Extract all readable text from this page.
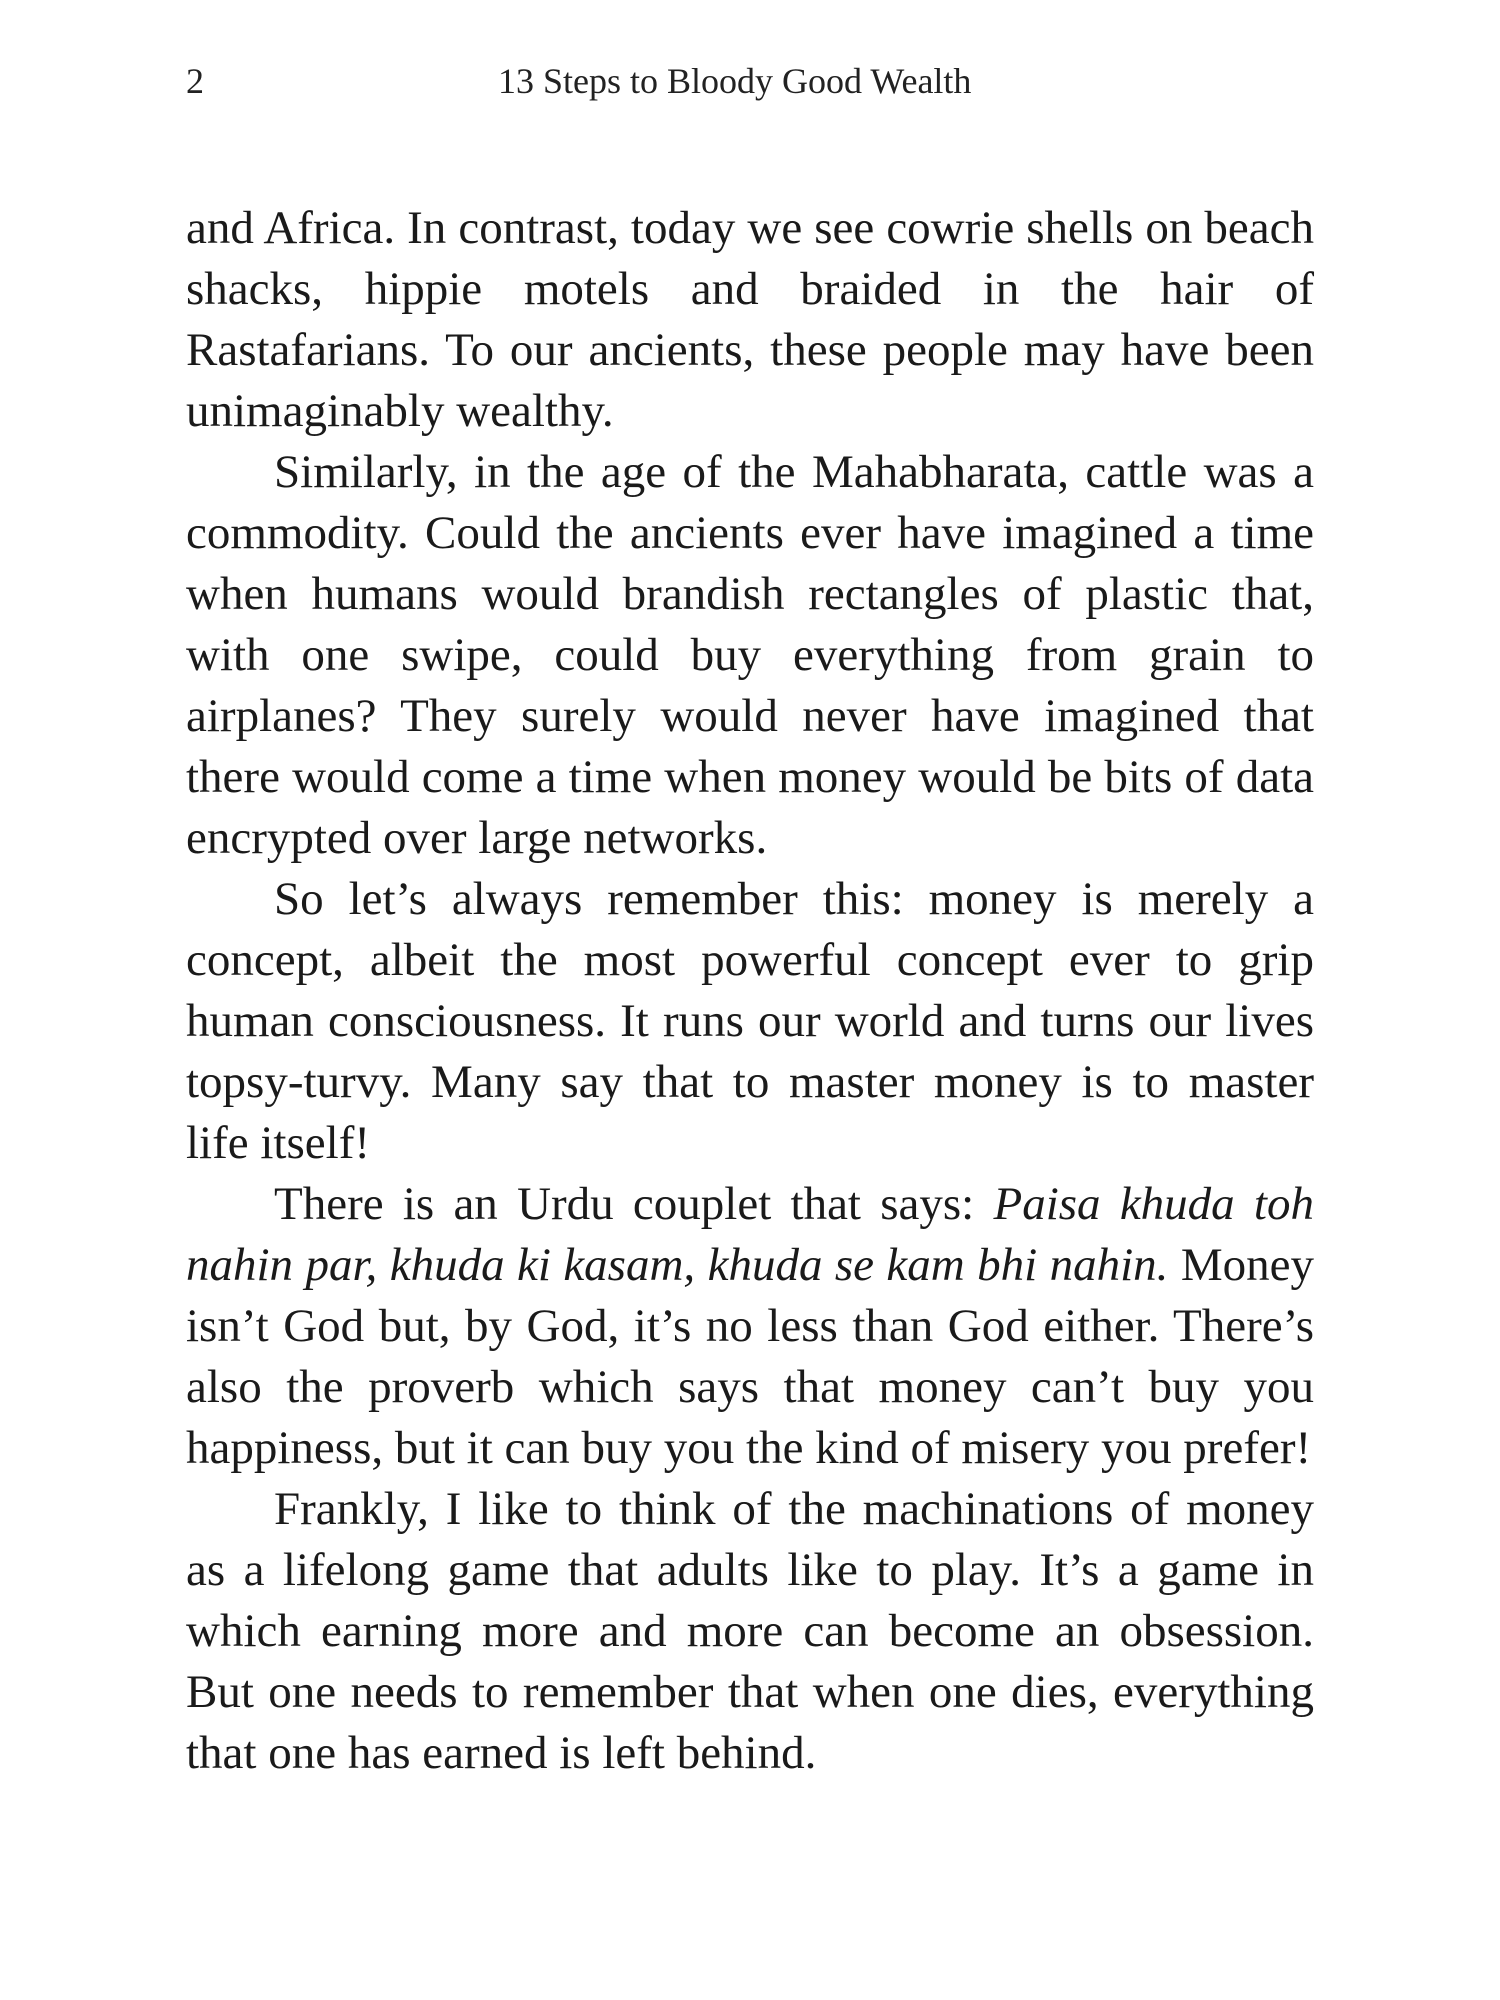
2	13 Steps to Bloody Good Wealth

and Africa. In contrast, today we see cowrie shells on beach shacks, hippie motels and braided in the hair of Rastafarians. To our ancients, these people may have been unimaginably wealthy.

Similarly, in the age of the Mahabharata, cattle was a commodity. Could the ancients ever have imagined a time when humans would brandish rectangles of plastic that, with one swipe, could buy everything from grain to airplanes? They surely would never have imagined that there would come a time when money would be bits of data encrypted over large networks.

So let’s always remember this: money is merely a concept, albeit the most powerful concept ever to grip human consciousness. It runs our world and turns our lives topsy-turvy. Many say that to master money is to master life itself!

There is an Urdu couplet that says: Paisa khuda toh nahin par, khuda ki kasam, khuda se kam bhi nahin. Money isn’t God but, by God, it’s no less than God either. There’s also the proverb which says that money can’t buy you happiness, but it can buy you the kind of misery you prefer!

Frankly, I like to think of the machinations of money as a lifelong game that adults like to play. It’s a game in which earning more and more can become an obsession. But one needs to remember that when one dies, everything that one has earned is left behind.
